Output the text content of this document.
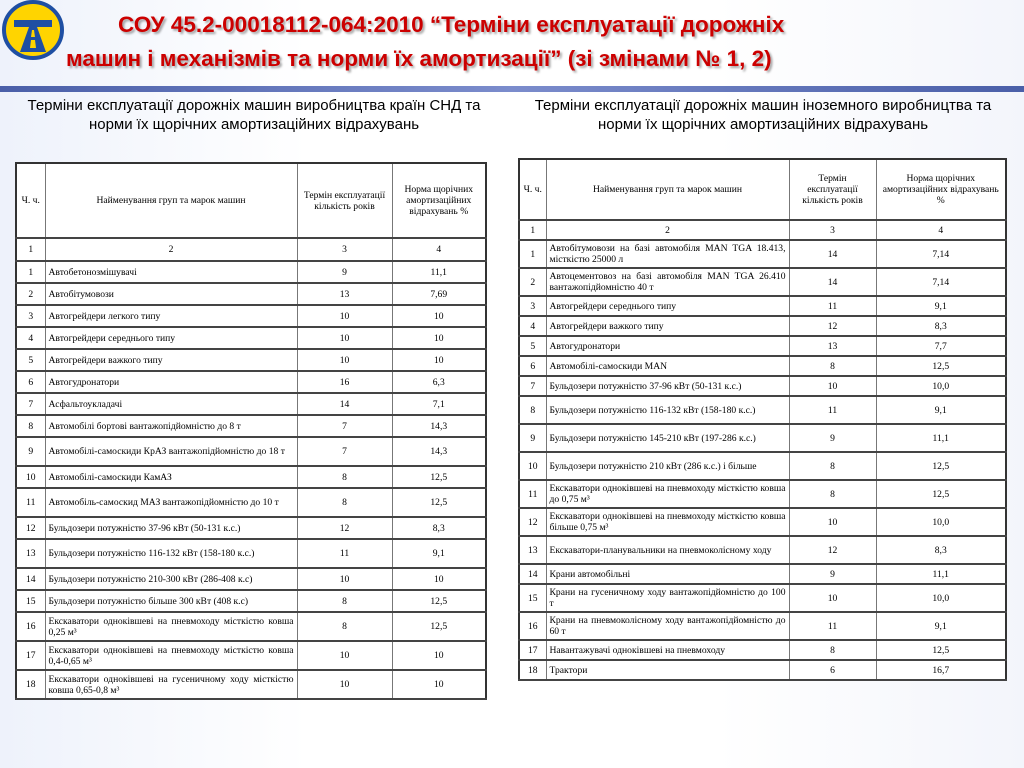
СОУ 45.2-00018112-064:2010 “Терміни експлуатації дорожніх
машин і механізмів та норми їх амортизації” (зі змінами № 1, 2)
Терміни експлуатації дорожніх машин виробництва країн СНД та норми їх щорічних амортизаційних відрахувань
Терміни експлуатації дорожніх машин іноземного виробництва та норми їх щорічних амортизаційних відрахувань
Ч. ч.	Найменування груп та марок машин	Термін експлуатації кількість років	Норма щорічних амортизаційних відрахувань %
1	2	3	4
1	Автобетонозмішувачі	9	11,1
2	Автобітумовози	13	7,69
3	Автогрейдери легкого типу	10	10
4	Автогрейдери середнього типу	10	10
5	Автогрейдери важкого типу	10	10
6	Автогудронатори	16	6,3
7	Асфальтоукладачі	14	7,1
8	Автомобілі бортові вантажопідйомністю до 8 т	7	14,3
9	Автомобілі-самоскиди КрАЗ вантажопідйомністю до 18 т	7	14,3
10	Автомобілі-самоскиди КамАЗ	8	12,5
11	Автомобіль-самоскид МАЗ вантажопідйомністю до 10 т	8	12,5
12	Бульдозери потужністю 37-96 кВт (50-131 к.с.)	12	8,3
13	Бульдозери потужністю 116-132 кВт (158-180 к.с.)	11	9,1
14	Бульдозери потужністю 210-300 кВт (286-408 к.с)	10	10
15	Бульдозери потужністю більше 300 кВт (408 к.с)	8	12,5
16	Екскаватори одноківшеві на пневмоходу місткістю ковша 0,25 м³	8	12,5
17	Екскаватори одноківшеві на пневмоходу місткістю ковша 0,4-0,65 м³	10	10
18	Екскаватори одноківшеві на гусеничному ходу місткістю ковша 0,65-0,8 м³	10	10
Ч. ч.	Найменування груп та марок машин	Термін експлуатації кількість років	Норма щорічних амортизаційних відрахувань %
1	2	3	4
1	Автобітумовози на базі автомобіля MAN TGA 18.413, місткістю 25000 л	14	7,14
2	Автоцементовоз на базі автомобіля MAN TGA 26.410 вантажопідйомністю 40 т	14	7,14
3	Автогрейдери середнього типу	11	9,1
4	Автогрейдери важкого типу	12	8,3
5	Автогудронатори	13	7,7
6	Автомобілі-самоскиди MAN	8	12,5
7	Бульдозери потужністю 37-96 кВт (50-131 к.с.)	10	10,0
8	Бульдозери потужністю 116-132 кВт (158-180 к.с.)	11	9,1
9	Бульдозери потужністю 145-210 кВт (197-286 к.с.)	9	11,1
10	Бульдозери потужністю 210 кВт (286 к.с.) і більше	8	12,5
11	Екскаватори одноківшеві на пневмоходу місткістю ковша до 0,75 м³	8	12,5
12	Екскаватори одноківшеві на пневмоходу місткістю ковша більше 0,75 м³	10	10,0
13	Екскаватори-планувальники на пневмоколісному ходу	12	8,3
14	Крани автомобільні	9	11,1
15	Крани на гусеничному ходу вантажопідйомністю до 100 т	10	10,0
16	Крани на пневмоколісному ходу вантажопідйомністю до 60 т	11	9,1
17	Навантажувачі одноківшеві на пневмоходу	8	12,5
18	Трактори	6	16,7
